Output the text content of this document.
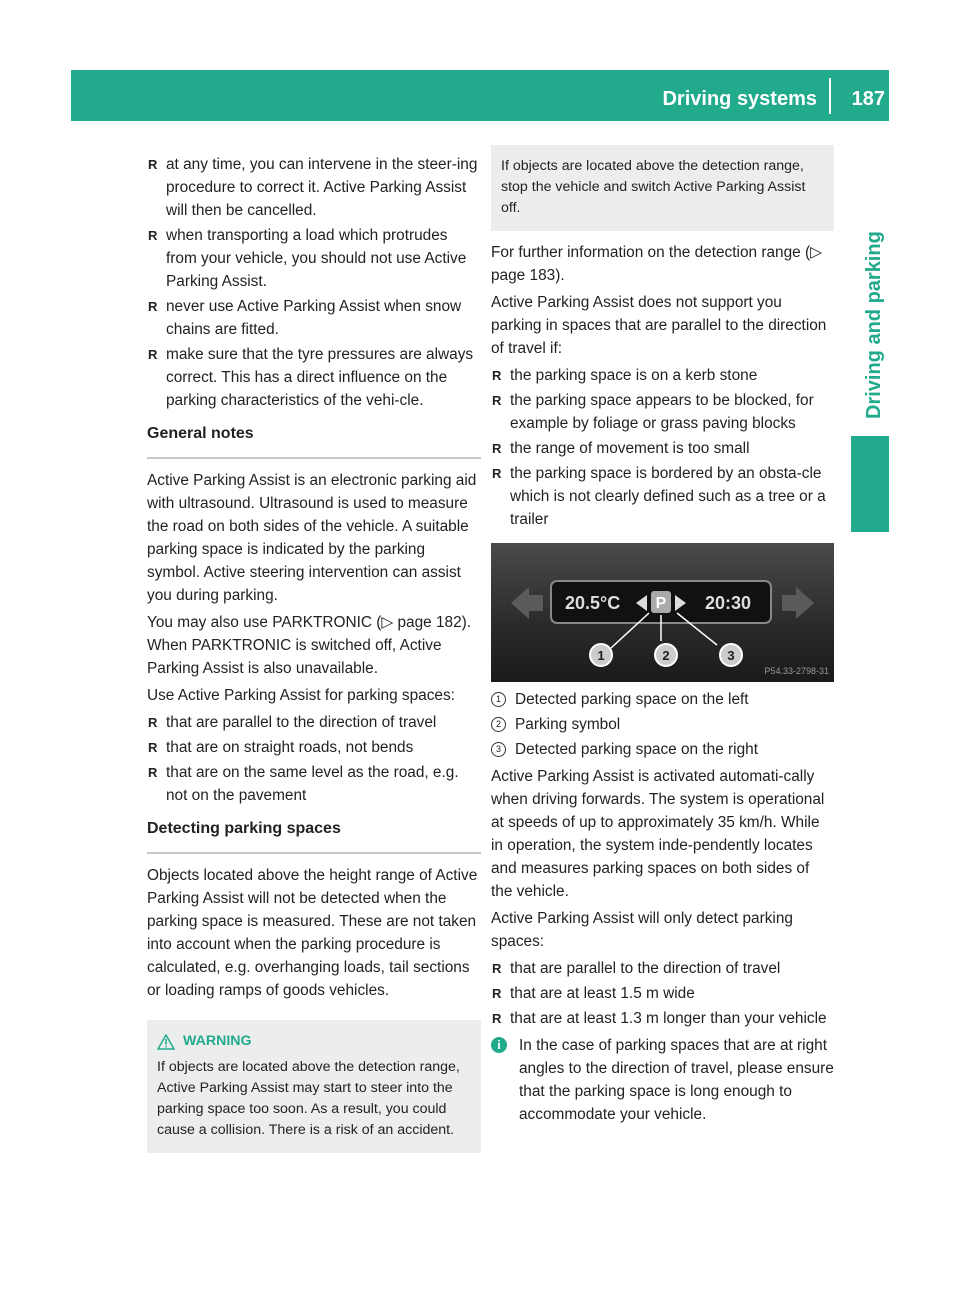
Driving systems 187
Driving and parking
R at any time, you can intervene in the steer-ing procedure to correct it. Active Parking Assist will then be cancelled.
R when transporting a load which protrudes from your vehicle, you should not use Active Parking Assist.
R never use Active Parking Assist when snow chains are fitted.
R make sure that the tyre pressures are always correct. This has a direct influence on the parking characteristics of the vehi-cle.
General notes

Active Parking Assist is an electronic parking aid with ultrasound. Ultrasound is used to measure the road on both sides of the vehicle. A suitable parking space is indicated by the parking symbol. Active steering intervention can assist you during parking.

You may also use PARKTRONIC (▷ page 182). When PARKTRONIC is switched off, Active Parking Assist is also unavailable.

Use Active Parking Assist for parking spaces:

R that are parallel to the direction of travel
R that are on straight roads, not bends
R that are on the same level as the road, e.g. not on the pavement
Detecting parking spaces

Objects located above the height range of Active Parking Assist will not be detected when the parking space is measured. These are not taken into account when the parking procedure is calculated, e.g. overhanging loads, tail sections or loading ramps of goods vehicles.

WARNING
If objects are located above the detection range, Active Parking Assist may start to steer into the parking space too soon. As a result, you could cause a collision. There is a risk of an accident.
If objects are located above the detection range, stop the vehicle and switch Active Parking Assist off.

For further information on the detection range (▷ page 183).

Active Parking Assist does not support you parking in spaces that are parallel to the direction of travel if:

R the parking space is on a kerb stone
R the parking space appears to be blocked, for example by foliage or grass paving blocks
R the range of movement is too small
R the parking space is bordered by an obsta-cle which is not clearly defined such as a tree or a trailer
20.5°C P 20:30
1	2	3
P54.33-2798-31
1 Detected parking space on the left
2 Parking symbol
3 Detected parking space on the right

Active Parking Assist is activated automati-cally when driving forwards. The system is operational at speeds of up to approximately 35 km/h. While in operation, the system inde-pendently locates and measures parking spaces on both sides of the vehicle.

Active Parking Assist will only detect parking spaces:

R that are parallel to the direction of travel
R that are at least 1.5 m wide
R that are at least 1.3 m longer than your vehicle
i	In the case of parking spaces that are at right angles to the direction of travel, please ensure that the parking space is long enough to accommodate your vehicle.
